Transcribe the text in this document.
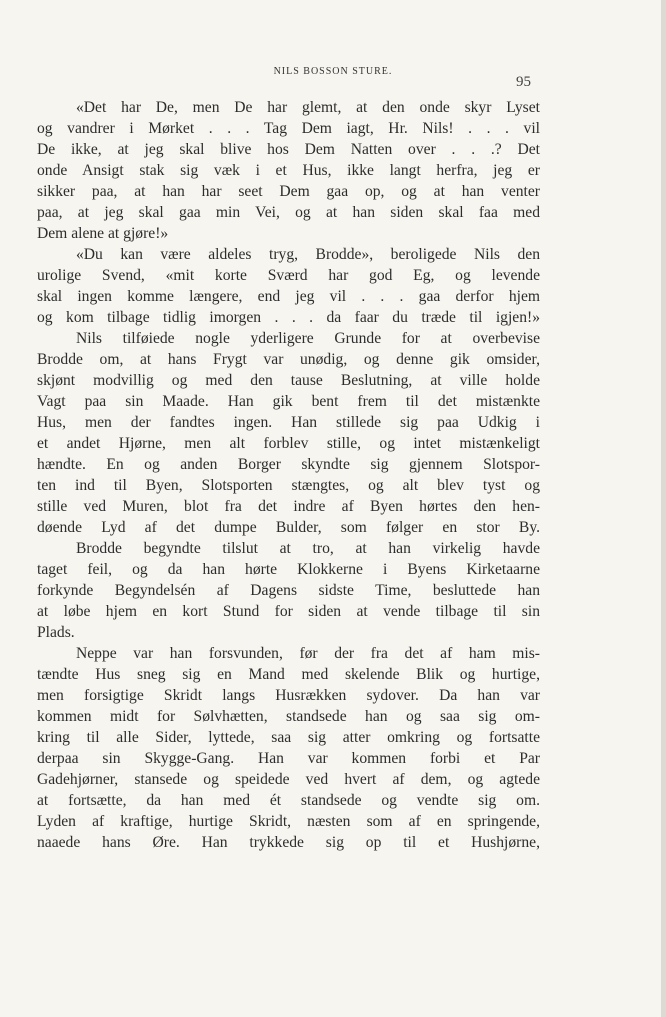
NILS BOSSON STURE.
95
«Det har De, men De har glemt, at den onde skyr Lyset
og vandrer i Mørket . . . Tag Dem iagt, Hr. Nils! . . . vil
De ikke, at jeg skal blive hos Dem Natten over . . .? Det
onde Ansigt stak sig væk i et Hus, ikke langt herfra, jeg er
sikker paa, at han har seet Dem gaa op, og at han venter
paa, at jeg skal gaa min Vei, og at han siden skal faa med
Dem alene at gjøre!»
«Du kan være aldeles tryg, Brodde», beroligede Nils den
urolige Svend, «mit korte Sværd har god Eg, og levende
skal ingen komme længere, end jeg vil . . . gaa derfor hjem
og kom tilbage tidlig imorgen . . . da faar du træde til igjen!»
Nils tilføiede nogle yderligere Grunde for at overbevise
Brodde om, at hans Frygt var unødig, og denne gik omsider,
skjønt modvillig og med den tause Beslutning, at ville holde
Vagt paa sin Maade. Han gik bent frem til det mistænkte
Hus, men der fandtes ingen. Han stillede sig paa Udkig i
et andet Hjørne, men alt forblev stille, og intet mistænkeligt
hændte. En og anden Borger skyndte sig gjennem Slotspor-
ten ind til Byen, Slotsporten stængtes, og alt blev tyst og
stille ved Muren, blot fra det indre af Byen hørtes den hen-
døende Lyd af det dumpe Bulder, som følger en stor By.
Brodde begyndte tilslut at tro, at han virkelig havde
taget feil, og da han hørte Klokkerne i Byens Kirketaarne
forkynde Begyndelsén af Dagens sidste Time, besluttede han
at løbe hjem en kort Stund for siden at vende tilbage til sin
Plads.
Neppe var han forsvunden, før der fra det af ham mis-
tændte Hus sneg sig en Mand med skelende Blik og hurtige,
men forsigtige Skridt langs Husrækken sydover. Da han var
kommen midt for Sølvhætten, standsede han og saa sig om-
kring til alle Sider, lyttede, saa sig atter omkring og fortsatte
derpaa sin Skygge-Gang. Han var kommen forbi et Par
Gadehjørner, stansede og speidede ved hvert af dem, og agtede
at fortsætte, da han med ét standsede og vendte sig om.
Lyden af kraftige, hurtige Skridt, næsten som af en springende,
naaede hans Øre. Han trykkede sig op til et Hushjørne,
